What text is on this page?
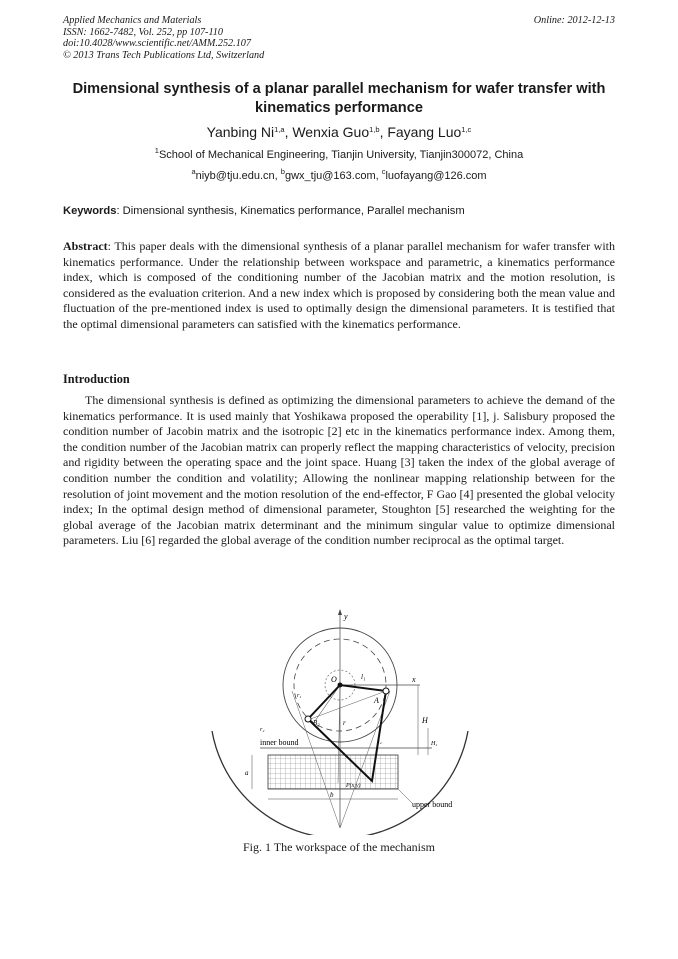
Applied Mechanics and Materials
ISSN: 1662-7482, Vol. 252, pp 107-110
doi:10.4028/www.scientific.net/AMM.252.107
© 2013 Trans Tech Publications Ltd, Switzerland
Online: 2012-12-13
Dimensional synthesis of a planar parallel mechanism for wafer transfer with kinematics performance
Yanbing Ni$^{1,a}$, Wenxia Guo$^{1,b}$, Fayang Luo$^{1,c}$
$^1$School of Mechanical Engineering, Tianjin University, Tianjin300072, China
$^a$niyb@tju.edu.cn, $^b$gwx_tju@163.com, $^c$luofayang@126.com
Keywords: Dimensional synthesis, Kinematics performance, Parallel mechanism
Abstract: This paper deals with the dimensional synthesis of a planar parallel mechanism for wafer transfer with kinematics performance. Under the relationship between workspace and parametric, a kinematics performance index, which is composed of the conditioning number of the Jacobian matrix and the motion resolution, is considered as the evaluation criterion. And a new index which is proposed by considering both the mean value and fluctuation of the pre-mentioned index is used to optimally design the dimensional parameters. It is testified that the optimal dimensional parameters can satisfied with the kinematics performance.
Introduction
The dimensional synthesis is defined as optimizing the dimensional parameters to achieve the demand of the kinematics performance. It is used mainly that Yoshikawa proposed the operability [1], j. Salisbury proposed the condition number of Jacobin matrix and the isotropic [2] etc in the kinematics performance index. Among them, the condition number of the Jacobian matrix can properly reflect the mapping characteristics of velocity, precision and rigidity between the operating space and the joint space. Huang [3] taken the index of the global average of condition number the condition and volatility; Allowing the nonlinear mapping relationship between for the resolution of joint movement and the motion resolution of the end-effector, F Gao [4] presented the global velocity index; In the optimal design method of dimensional parameter, Stoughton [5] researched the weighting for the global average of the Jacobian matrix determinant and the minimum singular value to optimize dimensional parameters. Liu [6] regarded the global average of the condition number reciprocal as the optimal target.
y
x
O	l₁
A
r₁
B₂	r
l₂
r₂
H
H₁
a
b
P(x,y)
inner bound
upper bound
Fig. 1 The workspace of the mechanism
